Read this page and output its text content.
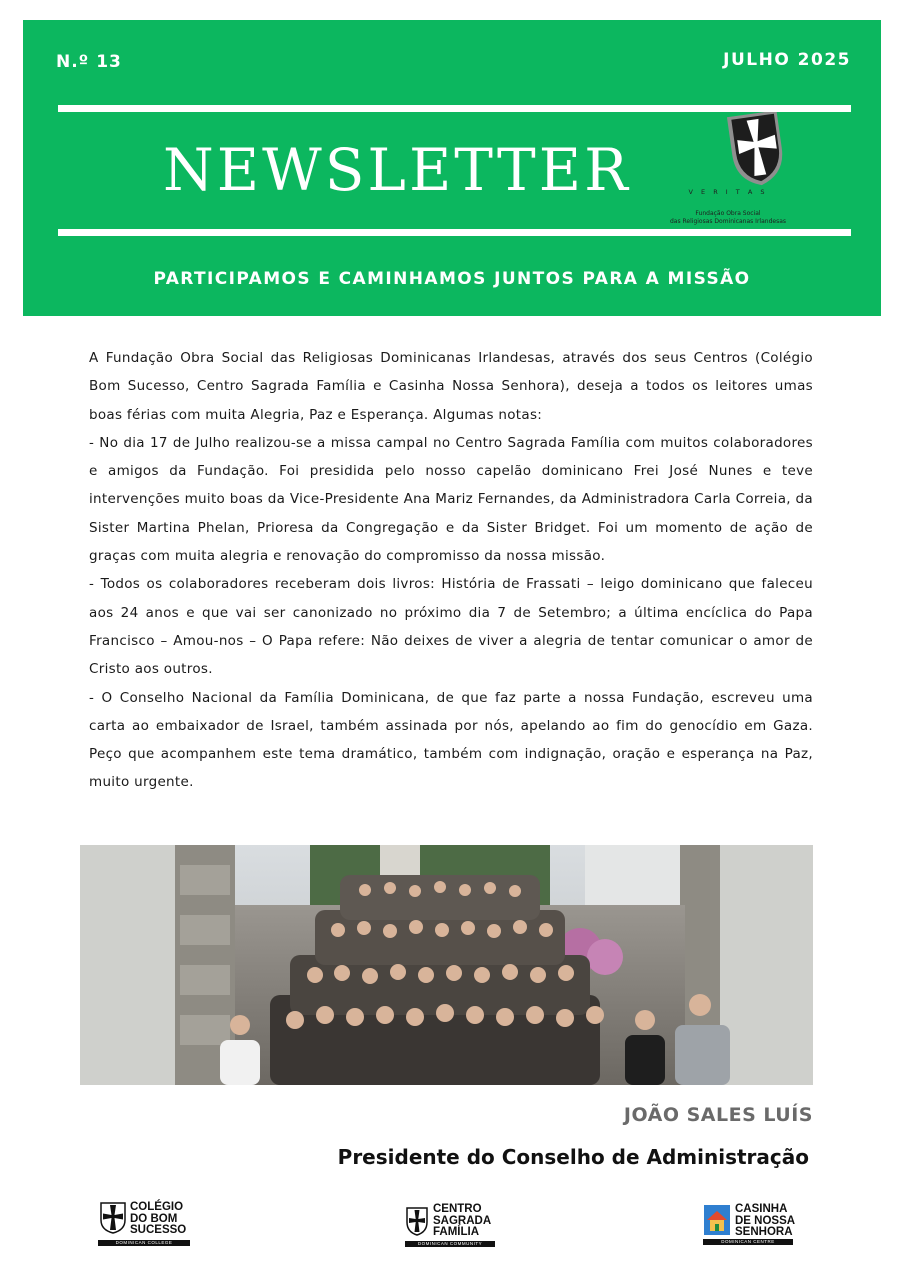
N.º 13	JULHO 2025
NEWSLETTER	V E R I T A S
Fundação Obra Social
das Religiosas Dominicanas Irlandesas
PARTICIPAMOS E CAMINHAMOS JUNTOS PARA A MISSÃO

A Fundação Obra Social das Religiosas Dominicanas Irlandesas, através dos seus Centros (Colégio Bom Sucesso, Centro Sagrada Família e Casinha Nossa Senhora), deseja a todos os leitores umas boas férias com muita Alegria, Paz e Esperança. Algumas notas:

- No dia 17 de Julho realizou-se a missa campal no Centro Sagrada Família com muitos colaboradores e amigos da Fundação. Foi presidida pelo nosso capelão dominicano Frei José Nunes e teve intervenções muito boas da Vice-Presidente Ana Mariz Fernandes, da Administradora Carla Correia, da Sister Martina Phelan, Prioresa da Congregação e da Sister Bridget. Foi um momento de ação de graças com muita alegria e renovação do compromisso da nossa missão.

- Todos os colaboradores receberam dois livros: História de Frassati – leigo dominicano que faleceu aos 24 anos e que vai ser canonizado no próximo dia 7 de Setembro; a última encíclica do Papa Francisco – Amou-nos – O Papa refere: Não deixes de viver a alegria de tentar comunicar o amor de Cristo aos outros.

- O Conselho Nacional da Família Dominicana, de que faz parte a nossa Fundação, escreveu uma carta ao embaixador de Israel, também assinada por nós, apelando ao fim do genocídio em Gaza. Peço que acompanhem este tema dramático, também com indignação, oração e esperança na Paz, muito urgente.

JOÃO SALES LUÍS
Presidente do Conselho de Administração
COLÉGIO
DO BOM
SUCESSO
DOMINICAN COLLEGE
CENTRO
SAGRADA
FAMÍLIA
DOMINICAN COMMUNITY
CASINHA
DE NOSSA
SENHORA
DOMINICAN CENTRE
